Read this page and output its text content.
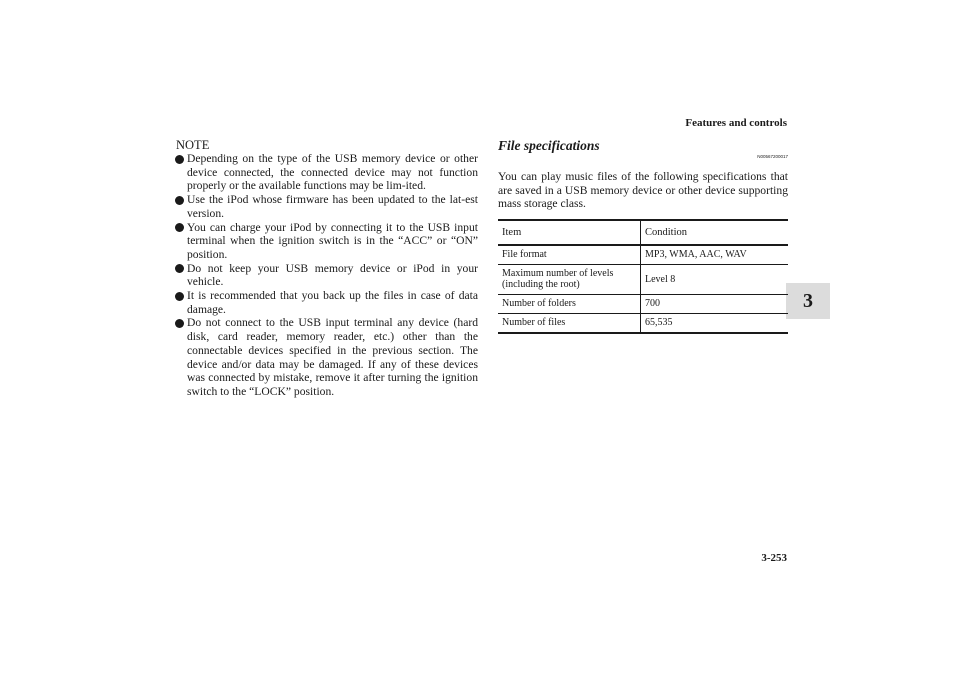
Features and controls
3
3-253
NOTE
Depending on the type of the USB memory device or other device connected, the connected device may not function properly or the available functions may be lim-ited.
Use the iPod whose firmware has been updated to the lat-est version.
You can charge your iPod by connecting it to the USB input terminal when the ignition switch is in the “ACC” or “ON” position.
Do not keep your USB memory device or iPod in your vehicle.
It is recommended that you back up the files in case of data damage.
Do not connect to the USB input terminal any device (hard disk, card reader, memory reader, etc.) other than the connectable devices specified in the previous section. The device and/or data may be damaged. If any of these devices was connected by mistake, remove it after turning the ignition switch to the “LOCK” position.
File specifications
N00567200017
You can play music files of the following specifications that are saved in a USB memory device or other device supporting mass storage class.
Item	Condition
File format	MP3, WMA, AAC, WAV
Maximum number of levels (including the root)	Level 8
Number of folders	700
Number of files	65,535
